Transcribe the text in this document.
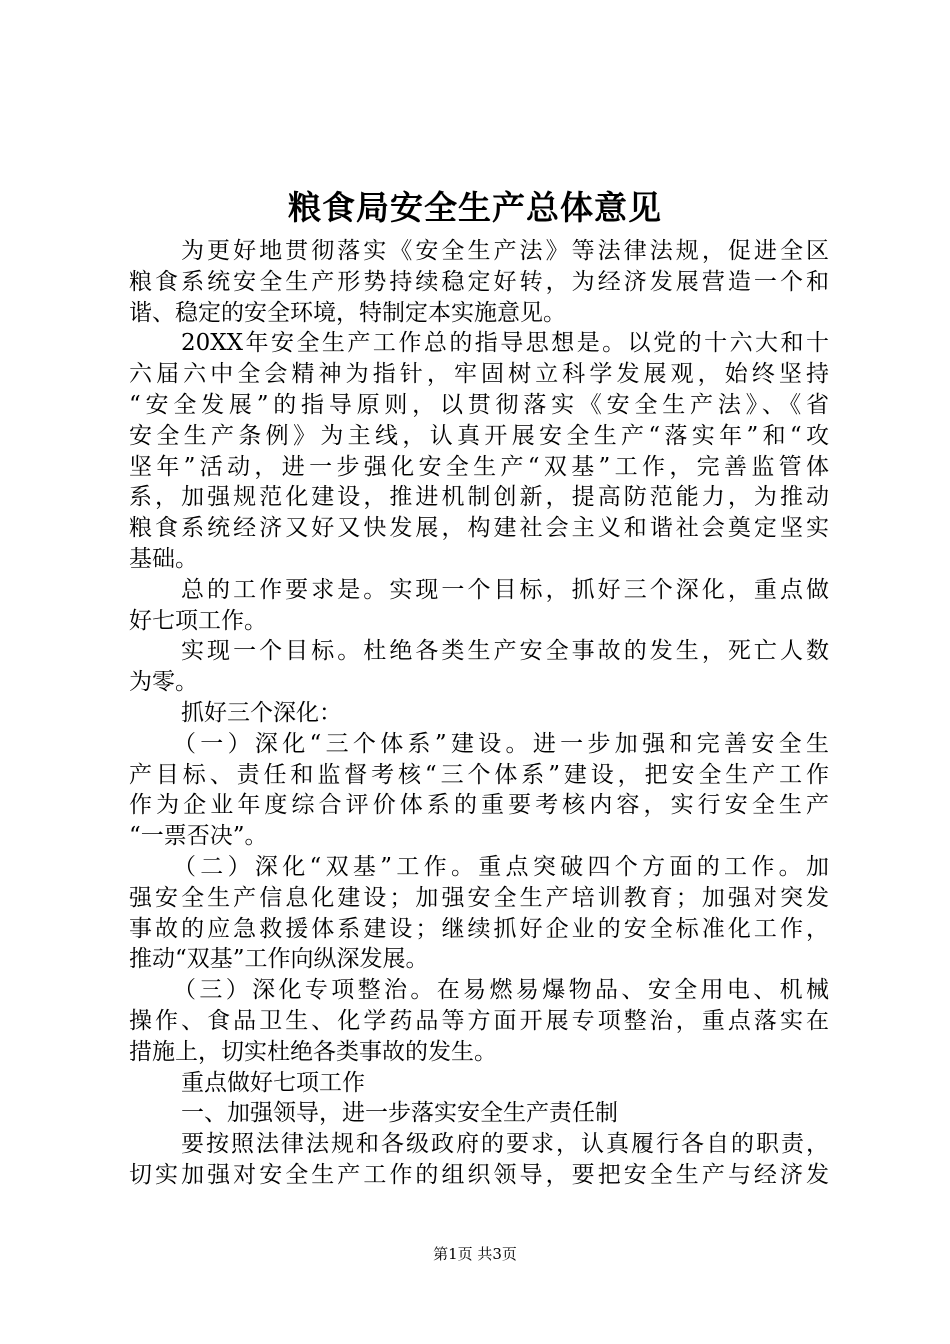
粮食局安全生产总体意见
为更好地贯彻落实《安全生产法》等法律法规，促进全区
粮食系统安全生产形势持续稳定好转，为经济发展营造一个和
谐、稳定的安全环境，特制定本实施意见。
20XX年安全生产工作总的指导思想是。以党的十六大和十
六届六中全会精神为指针，牢固树立科学发展观，始终坚持
“安全发展”的指导原则，以贯彻落实《安全生产法》、《省
安全生产条例》为主线，认真开展安全生产“落实年”和“攻
坚年”活动，进一步强化安全生产“双基”工作，完善监管体
系，加强规范化建设，推进机制创新，提高防范能力，为推动
粮食系统经济又好又快发展，构建社会主义和谐社会奠定坚实
基础。
总的工作要求是。实现一个目标，抓好三个深化，重点做
好七项工作。
实现一个目标。杜绝各类生产安全事故的发生，死亡人数
为零。
抓好三个深化：
（一）深化“三个体系”建设。进一步加强和完善安全生
产目标、责任和监督考核“三个体系”建设，把安全生产工作
作为企业年度综合评价体系的重要考核内容，实行安全生产
“一票否决”。
（二）深化“双基”工作。重点突破四个方面的工作。加
强安全生产信息化建设；加强安全生产培训教育；加强对突发
事故的应急救援体系建设；继续抓好企业的安全标准化工作，
推动“双基”工作向纵深发展。
（三）深化专项整治。在易燃易爆物品、安全用电、机械
操作、食品卫生、化学药品等方面开展专项整治，重点落实在
措施上，切实杜绝各类事故的发生。
重点做好七项工作
一、加强领导，进一步落实安全生产责任制
要按照法律法规和各级政府的要求，认真履行各自的职责，
切实加强对安全生产工作的组织领导，要把安全生产与经济发
第1页 共3页
